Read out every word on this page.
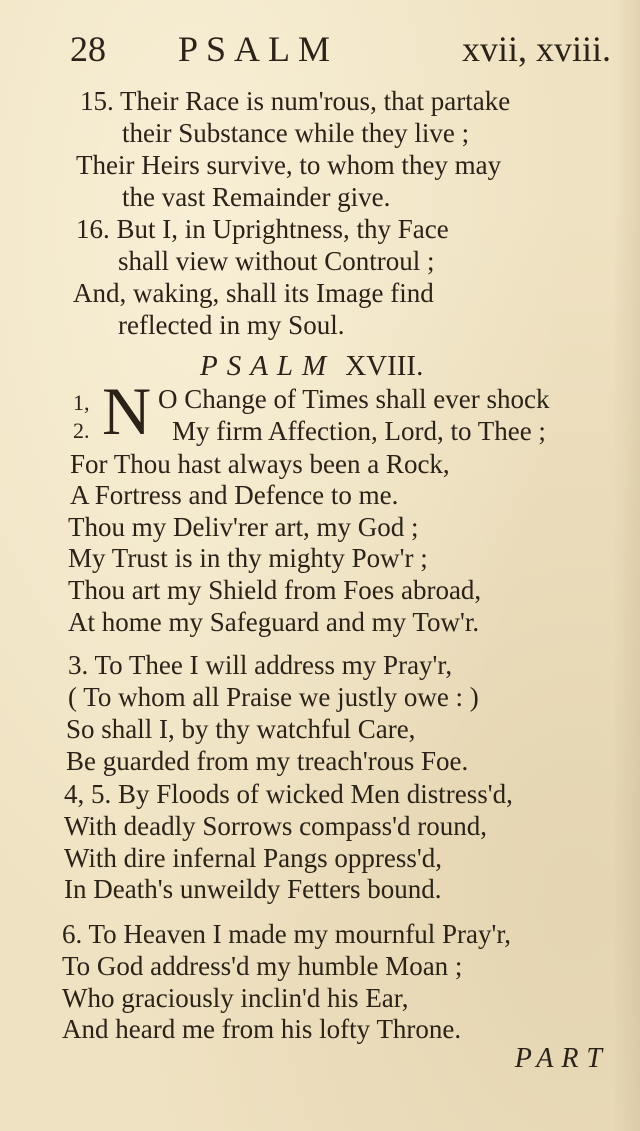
28 PSALM	xvii, xviii.
15. Their Race is num'rous, that partake
their Substance while they live ;
Their Heirs survive, to whom they may
the vast Remainder give.
16. But I, in Uprightness, thy Face
shall view without Controul ;
And, waking, shall its Image find
reflected in my Soul.
PSALM XVIII.
1,
2. N O Change of Times shall ever shock
My firm Affection, Lord, to Thee ;
For Thou hast always been a Rock,
A Fortress and Defence to me.
Thou my Deliv'rer art, my God ;
My Trust is in thy mighty Pow'r ;
Thou art my Shield from Foes abroad,
At home my Safeguard and my Tow'r.
3. To Thee I will address my Pray'r,
( To whom all Praise we justly owe : )
So shall I, by thy watchful Care,
Be guarded from my treach'rous Foe.
4, 5. By Floods of wicked Men distress'd,
With deadly Sorrows compass'd round,
With dire infernal Pangs oppress'd,
In Death's unweildy Fetters bound.
6. To Heaven I made my mournful Pray'r,
To God address'd my humble Moan ;
Who graciously inclin'd his Ear,
And heard me from his lofty Throne.
PART
